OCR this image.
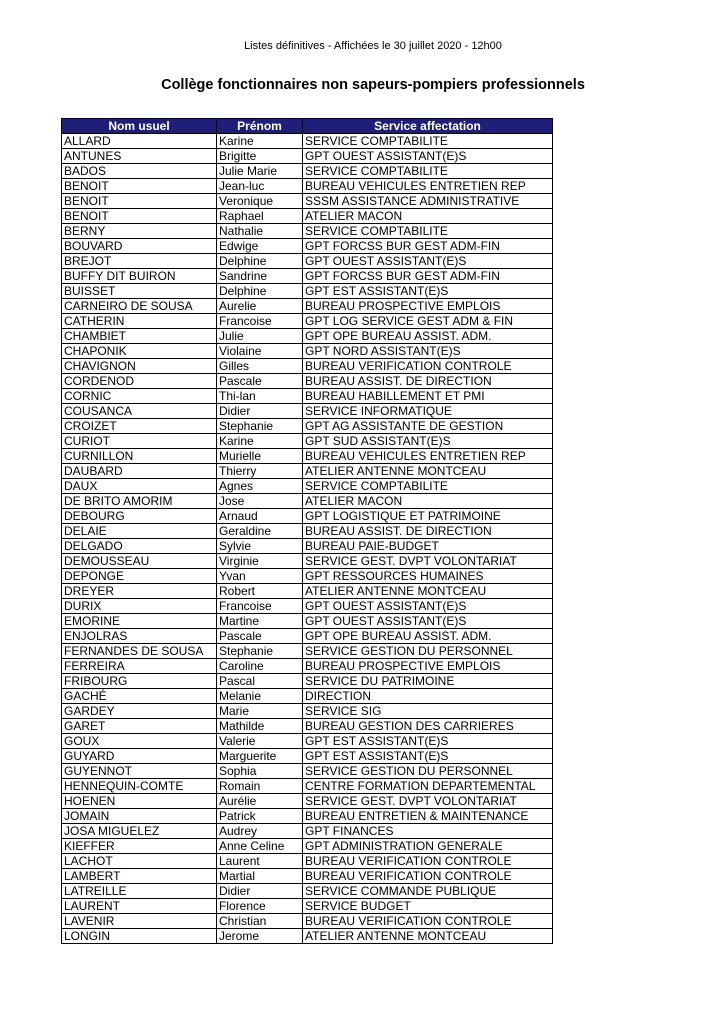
Listes définitives - Affichées le 30 juillet 2020 - 12h00
Collège fonctionnaires non sapeurs-pompiers professionnels
Nom usuel	Prénom	Service affectation
ALLARD	Karine	SERVICE COMPTABILITE
ANTUNES	Brigitte	GPT OUEST ASSISTANT(E)S
BADOS	Julie Marie	SERVICE COMPTABILITE
BENOIT	Jean-luc	BUREAU VEHICULES ENTRETIEN REP
BENOIT	Veronique	SSSM ASSISTANCE ADMINISTRATIVE
BENOIT	Raphael	ATELIER MACON
BERNY	Nathalie	SERVICE COMPTABILITE
BOUVARD	Edwige	GPT FORCSS BUR GEST ADM-FIN
BREJOT	Delphine	GPT OUEST ASSISTANT(E)S
BUFFY DIT BUIRON	Sandrine	GPT FORCSS BUR GEST ADM-FIN
BUISSET	Delphine	GPT EST ASSISTANT(E)S
CARNEIRO DE SOUSA	Aurelie	BUREAU PROSPECTIVE EMPLOIS
CATHERIN	Francoise	GPT LOG SERVICE GEST ADM & FIN
CHAMBIET	Julie	GPT OPE BUREAU ASSIST. ADM.
CHAPONIK	Violaine	GPT NORD ASSISTANT(E)S
CHAVIGNON	Gilles	BUREAU VERIFICATION CONTROLE
CORDENOD	Pascale	BUREAU ASSIST. DE DIRECTION
CORNIC	Thi-lan	BUREAU HABILLEMENT ET PMI
COUSANCA	Didier	SERVICE INFORMATIQUE
CROIZET	Stephanie	GPT AG ASSISTANTE DE GESTION
CURIOT	Karine	GPT SUD ASSISTANT(E)S
CURNILLON	Murielle	BUREAU VEHICULES ENTRETIEN REP
DAUBARD	Thierry	ATELIER ANTENNE MONTCEAU
DAUX	Agnes	SERVICE COMPTABILITE
DE BRITO AMORIM	Jose	ATELIER MACON
DEBOURG	Arnaud	GPT LOGISTIQUE ET PATRIMOINE
DELAIE	Geraldine	BUREAU ASSIST. DE DIRECTION
DELGADO	Sylvie	BUREAU PAIE-BUDGET
DEMOUSSEAU	Virginie	SERVICE GEST. DVPT VOLONTARIAT
DEPONGE	Yvan	GPT RESSOURCES HUMAINES
DREYER	Robert	ATELIER ANTENNE MONTCEAU
DURIX	Francoise	GPT OUEST ASSISTANT(E)S
EMORINE	Martine	GPT OUEST ASSISTANT(E)S
ENJOLRAS	Pascale	GPT OPE BUREAU ASSIST. ADM.
FERNANDES DE SOUSA	Stephanie	SERVICE GESTION DU PERSONNEL
FERREIRA	Caroline	BUREAU PROSPECTIVE EMPLOIS
FRIBOURG	Pascal	SERVICE DU PATRIMOINE
GACHÉ	Melanie	DIRECTION
GARDEY	Marie	SERVICE SIG
GARET	Mathilde	BUREAU GESTION DES CARRIERES
GOUX	Valerie	GPT EST ASSISTANT(E)S
GUYARD	Marguerite	GPT EST ASSISTANT(E)S
GUYENNOT	Sophia	SERVICE GESTION DU PERSONNEL
HENNEQUIN-COMTE	Romain	CENTRE FORMATION DEPARTEMENTAL
HOENEN	Aurélie	SERVICE GEST. DVPT VOLONTARIAT
JOMAIN	Patrick	BUREAU ENTRETIEN & MAINTENANCE
JOSA MIGUELEZ	Audrey	GPT FINANCES
KIEFFER	Anne Celine	GPT ADMINISTRATION GENERALE
LACHOT	Laurent	BUREAU VERIFICATION CONTROLE
LAMBERT	Martial	BUREAU VERIFICATION CONTROLE
LATREILLE	Didier	SERVICE COMMANDE PUBLIQUE
LAURENT	Florence	SERVICE BUDGET
LAVENIR	Christian	BUREAU VERIFICATION CONTROLE
LONGIN	Jerome	ATELIER ANTENNE MONTCEAU
